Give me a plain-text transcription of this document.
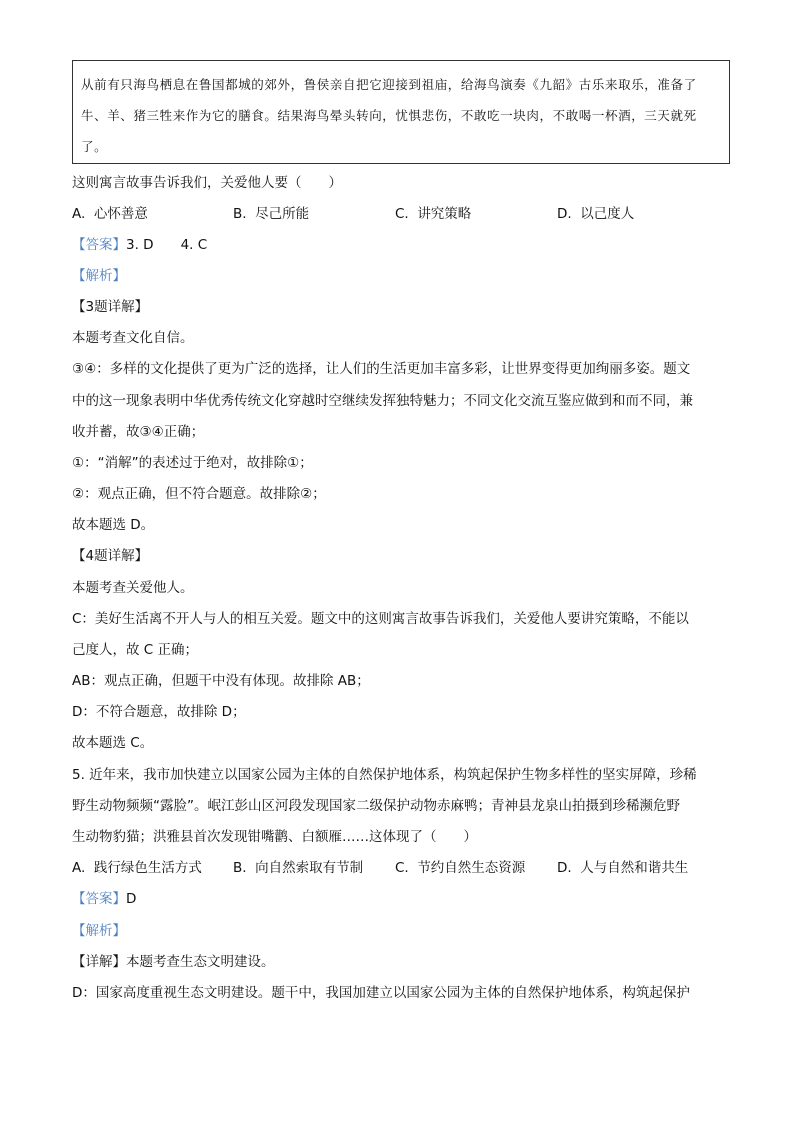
从前有只海鸟栖息在鲁国都城的郊外，鲁侯亲自把它迎接到祖庙，给海鸟演奏《九韶》古乐来取乐，准备了牛、羊、猪三牲来作为它的膳食。结果海鸟晕头转向，忧惧悲伤，不敢吃一块肉，不敢喝一杯酒，三天就死了。
这则寓言故事告诉我们，关爱他人要（　　）
A. 心怀善意	B. 尽己所能	C. 讲究策略	D. 以己度人
【答案】3. D　　4. C
【解析】
【3题详解】
本题考查文化自信。
③④：多样的文化提供了更为广泛的选择，让人们的生活更加丰富多彩，让世界变得更加绚丽多姿。题文
中的这一现象表明中华优秀传统文化穿越时空继续发挥独特魅力；不同文化交流互鉴应做到和而不同，兼
收并蓄，故③④正确；
①：“消解”的表述过于绝对，故排除①；
②：观点正确，但不符合题意。故排除②；
故本题选 D。
【4题详解】
本题考查关爱他人。
C：美好生活离不开人与人的相互关爱。题文中的这则寓言故事告诉我们，关爱他人要讲究策略，不能以
己度人，故 C 正确；
AB：观点正确，但题干中没有体现。故排除 AB；
D：不符合题意，故排除 D；
故本题选 C。
5. 近年来，我市加快建立以国家公园为主体的自然保护地体系，构筑起保护生物多样性的坚实屏障，珍稀
野生动物频频“露脸”。岷江彭山区河段发现国家二级保护动物赤麻鸭；青神县龙泉山拍摄到珍稀濒危野
生动物豹猫；洪雅县首次发现钳嘴鹳、白额雁……这体现了（　　）
A. 践行绿色生活方式 B. 向自然索取有节制 C. 节约自然生态资源 D. 人与自然和谐共生
【答案】D
【解析】
【详解】本题考查生态文明建设。
D：国家高度重视生态文明建设。题干中，我国加建立以国家公园为主体的自然保护地体系，构筑起保护
